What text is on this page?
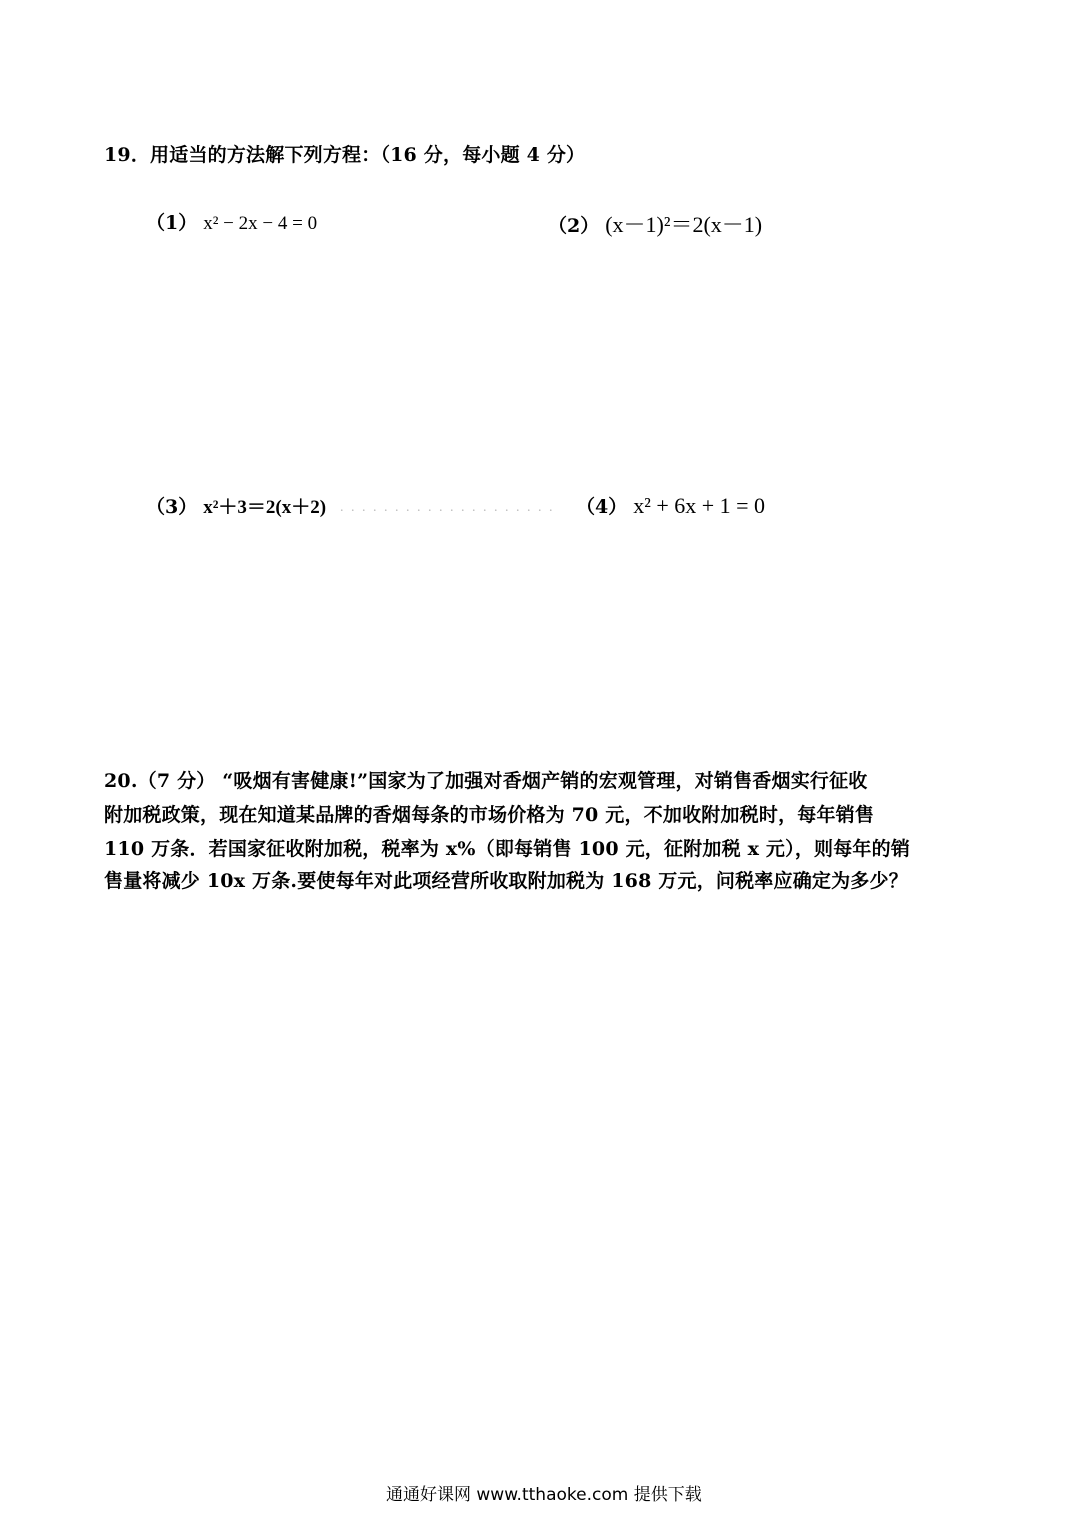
19．用适当的方法解下列方程：（16 分，每小题 4 分）
（1） x² − 2x − 4 = 0	（2） (x－1)²＝2(x－1)
（3） x²＋3＝2(x＋2) . . . . . . . . . . . . . . . . . . . . （4） x² + 6x + 1 = 0
20.（7 分） “吸烟有害健康!”国家为了加强对香烟产销的宏观管理，对销售香烟实行征收
附加税政策，现在知道某品牌的香烟每条的市场价格为 70 元，不加收附加税时，每年销售
110 万条．若国家征收附加税，税率为 x%（即每销售 100 元，征附加税 x 元），则每年的销
售量将减少 10x 万条.要使每年对此项经营所收取附加税为 168 万元，问税率应确定为多少？
通通好课网 www.tthaoke.com 提供下载
